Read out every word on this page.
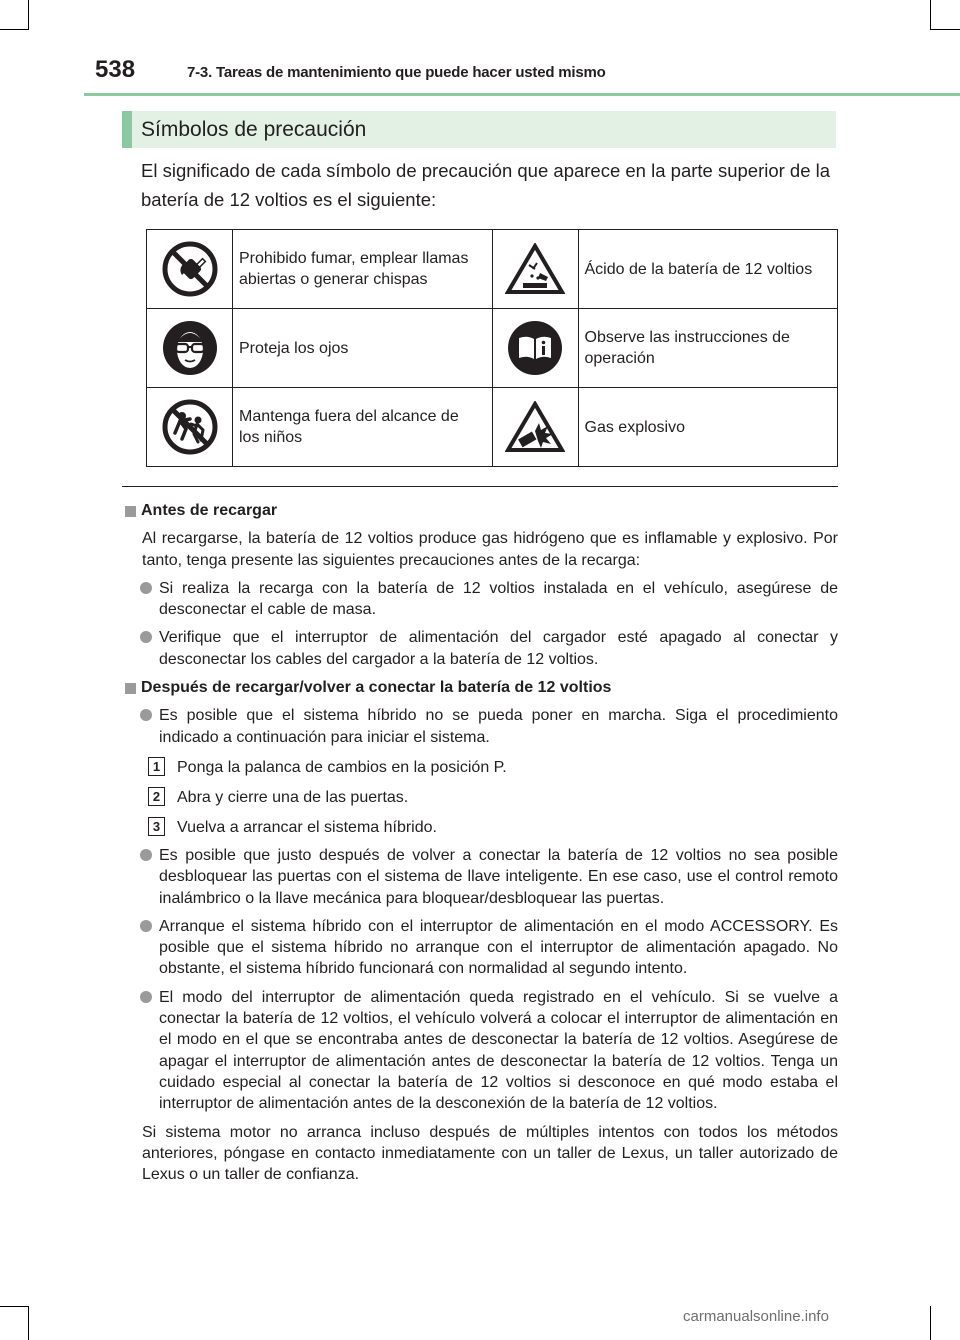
538	7-3. Tareas de mantenimiento que puede hacer usted mismo
Símbolos de precaución
El significado de cada símbolo de precaución que aparece en la parte superior de la batería de 12 voltios es el siguiente:
	Prohibido fumar, emplear llamas abiertas o generar chispas		Ácido de la batería de 12 voltios

	Proteja los ojos		Observe las instrucciones de operación

	Mantenga fuera del alcance de los niños		Gas explosivo
Antes de recargar
Al recargarse, la batería de 12 voltios produce gas hidrógeno que es inflamable y explosivo. Por tanto, tenga presente las siguientes precauciones antes de la recarga:
Si realiza la recarga con la batería de 12 voltios instalada en el vehículo, asegúrese de desconectar el cable de masa.
Verifique que el interruptor de alimentación del cargador esté apagado al conectar y desconectar los cables del cargador a la batería de 12 voltios.
Después de recargar/volver a conectar la batería de 12 voltios
Es posible que el sistema híbrido no se pueda poner en marcha. Siga el procedimiento indicado a continuación para iniciar el sistema.
1	Ponga la palanca de cambios en la posición P.
2	Abra y cierre una de las puertas.
3	Vuelva a arrancar el sistema híbrido.
Es posible que justo después de volver a conectar la batería de 12 voltios no sea posible desbloquear las puertas con el sistema de llave inteligente. En ese caso, use el control remoto inalámbrico o la llave mecánica para bloquear/desbloquear las puertas.
Arranque el sistema híbrido con el interruptor de alimentación en el modo ACCESSORY. Es posible que el sistema híbrido no arranque con el interruptor de alimentación apagado. No obstante, el sistema híbrido funcionará con normalidad al segundo intento.
El modo del interruptor de alimentación queda registrado en el vehículo. Si se vuelve a conectar la batería de 12 voltios, el vehículo volverá a colocar el interruptor de alimentación en el modo en el que se encontraba antes de desconectar la batería de 12 voltios. Asegúrese de apagar el interruptor de alimentación antes de desconectar la batería de 12 voltios. Tenga un cuidado especial al conectar la batería de 12 voltios si desconoce en qué modo estaba el interruptor de alimentación antes de la desconexión de la batería de 12 voltios.
Si sistema motor no arranca incluso después de múltiples intentos con todos los métodos anteriores, póngase en contacto inmediatamente con un taller de Lexus, un taller autorizado de Lexus o un taller de confianza.
carmanualsonline.info
